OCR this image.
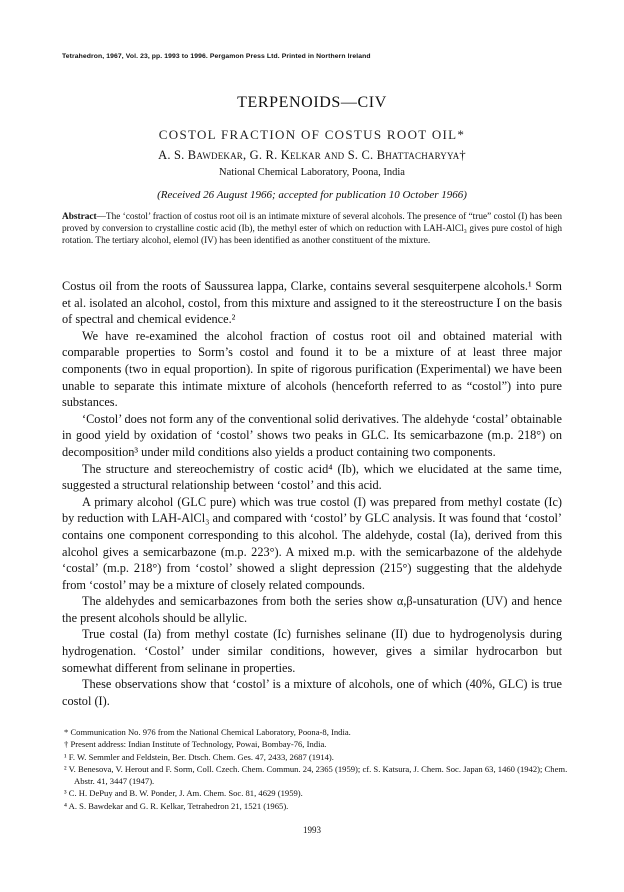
Tetrahedron, 1967, Vol. 23, pp. 1993 to 1996. Pergamon Press Ltd. Printed in Northern Ireland
TERPENOIDS—CIV
COSTOL FRACTION OF COSTUS ROOT OIL*
A. S. Bawdekar, G. R. Kelkar and S. C. Bhattacharyya†
National Chemical Laboratory, Poona, India
(Received 26 August 1966; accepted for publication 10 October 1966)
Abstract—The ‘costol’ fraction of costus root oil is an intimate mixture of several alcohols. The presence of “true” costol (I) has been proved by conversion to crystalline costic acid (Ib), the methyl ester of which on reduction with LAH-AlCl₃ gives pure costol of high rotation. The tertiary alcohol, elemol (IV) has been identified as another constituent of the mixture.

Costus oil from the roots of Saussurea lappa, Clarke, contains several sesquiterpene alcohols.¹ Sorm et al. isolated an alcohol, costol, from this mixture and assigned to it the stereostructure I on the basis of spectral and chemical evidence.²

We have re-examined the alcohol fraction of costus root oil and obtained material with comparable properties to Sorm’s costol and found it to be a mixture of at least three major components (two in equal proportion). In spite of rigorous purification (Experimental) we have been unable to separate this intimate mixture of alcohols (henceforth referred to as “costol”) into pure substances.

‘Costol’ does not form any of the conventional solid derivatives. The aldehyde ‘costal’ obtainable in good yield by oxidation of ‘costol’ shows two peaks in GLC. Its semicarbazone (m.p. 218°) on decomposition³ under mild conditions also yields a product containing two components.

The structure and stereochemistry of costic acid⁴ (Ib), which we elucidated at the same time, suggested a structural relationship between ‘costol’ and this acid.

A primary alcohol (GLC pure) which was true costol (I) was prepared from methyl costate (Ic) by reduction with LAH-AlCl₃ and compared with ‘costol’ by GLC analysis. It was found that ‘costol’ contains one component corresponding to this alcohol. The aldehyde, costal (Ia), derived from this alcohol gives a semicarbazone (m.p. 223°). A mixed m.p. with the semicarbazone of the aldehyde ‘costal’ (m.p. 218°) from ‘costol’ showed a slight depression (215°) suggesting that the aldehyde from ‘costol’ may be a mixture of closely related compounds.

The aldehydes and semicarbazones from both the series show α,β-unsaturation (UV) and hence the present alcohols should be allylic.

True costal (Ia) from methyl costate (Ic) furnishes selinane (II) due to hydrogenolysis during hydrogenation. ‘Costol’ under similar conditions, however, gives a similar hydrocarbon but somewhat different from selinane in properties.

These observations show that ‘costol’ is a mixture of alcohols, one of which (40%, GLC) is true costol (I).

* Communication No. 976 from the National Chemical Laboratory, Poona-8, India.
† Present address: Indian Institute of Technology, Powai, Bombay-76, India.
¹ F. W. Semmler and Feldstein, Ber. Dtsch. Chem. Ges. 47, 2433, 2687 (1914).
² V. Benesova, V. Herout and F. Sorm, Coll. Czech. Chem. Commun. 24, 2365 (1959); cf. S. Katsura, J. Chem. Soc. Japan 63, 1460 (1942); Chem. Abstr. 41, 3447 (1947).
³ C. H. DePuy and B. W. Ponder, J. Am. Chem. Soc. 81, 4629 (1959).
⁴ A. S. Bawdekar and G. R. Kelkar, Tetrahedron 21, 1521 (1965).
1993
